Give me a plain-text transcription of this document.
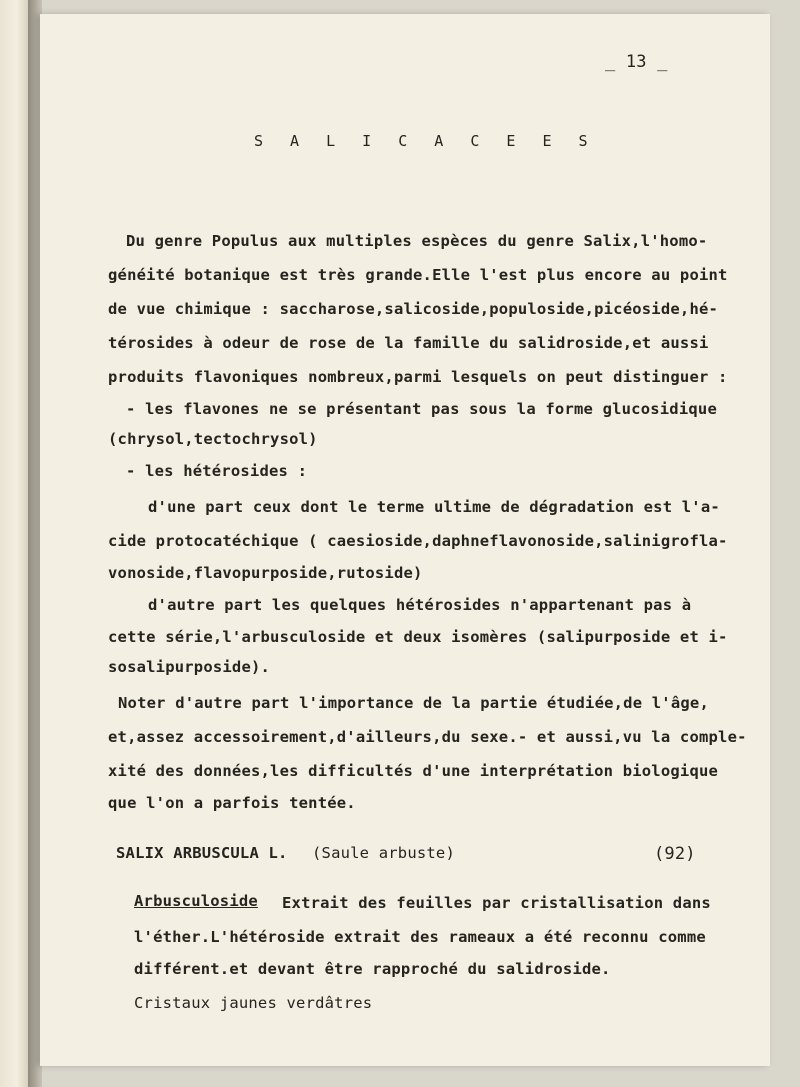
_ 13 _
S A L I C A C E E S
Du genre Populus aux multiples espèces du genre Salix,l'homo-
généité botanique est très grande.Elle l'est plus encore au point
de vue chimique : saccharose,salicoside,populoside,picéoside,hé-
térosides à odeur de rose de la famille du salidroside,et aussi
produits flavoniques nombreux,parmi lesquels on peut distinguer :
- les flavones ne se présentant pas sous la forme glucosidique
(chrysol,tectochrysol)
- les hétérosides :
d'une part ceux dont le terme ultime de dégradation est l'a-
cide protocatéchique ( caesioside,daphneflavonoside,salinigrofla-
vonoside,flavopurposide,rutoside)
d'autre part les quelques hétérosides n'appartenant pas à
cette série,l'arbusculoside et deux isomères (salipurposide et i-
sosalipurposide).
Noter d'autre part l'importance de la partie étudiée,de l'âge,
et,assez accessoirement,d'ailleurs,du sexe.- et aussi,vu la comple-
xité des données,les difficultés d'une interprétation biologique
que l'on a parfois tentée.
SALIX ARBUSCULA L. (Saule arbuste)	(92)
Arbusculoside Extrait des feuilles par cristallisation dans
l'éther.L'hétéroside extrait des rameaux a été reconnu comme
différent.et devant être rapproché du salidroside.
Cristaux jaunes verdâtres
